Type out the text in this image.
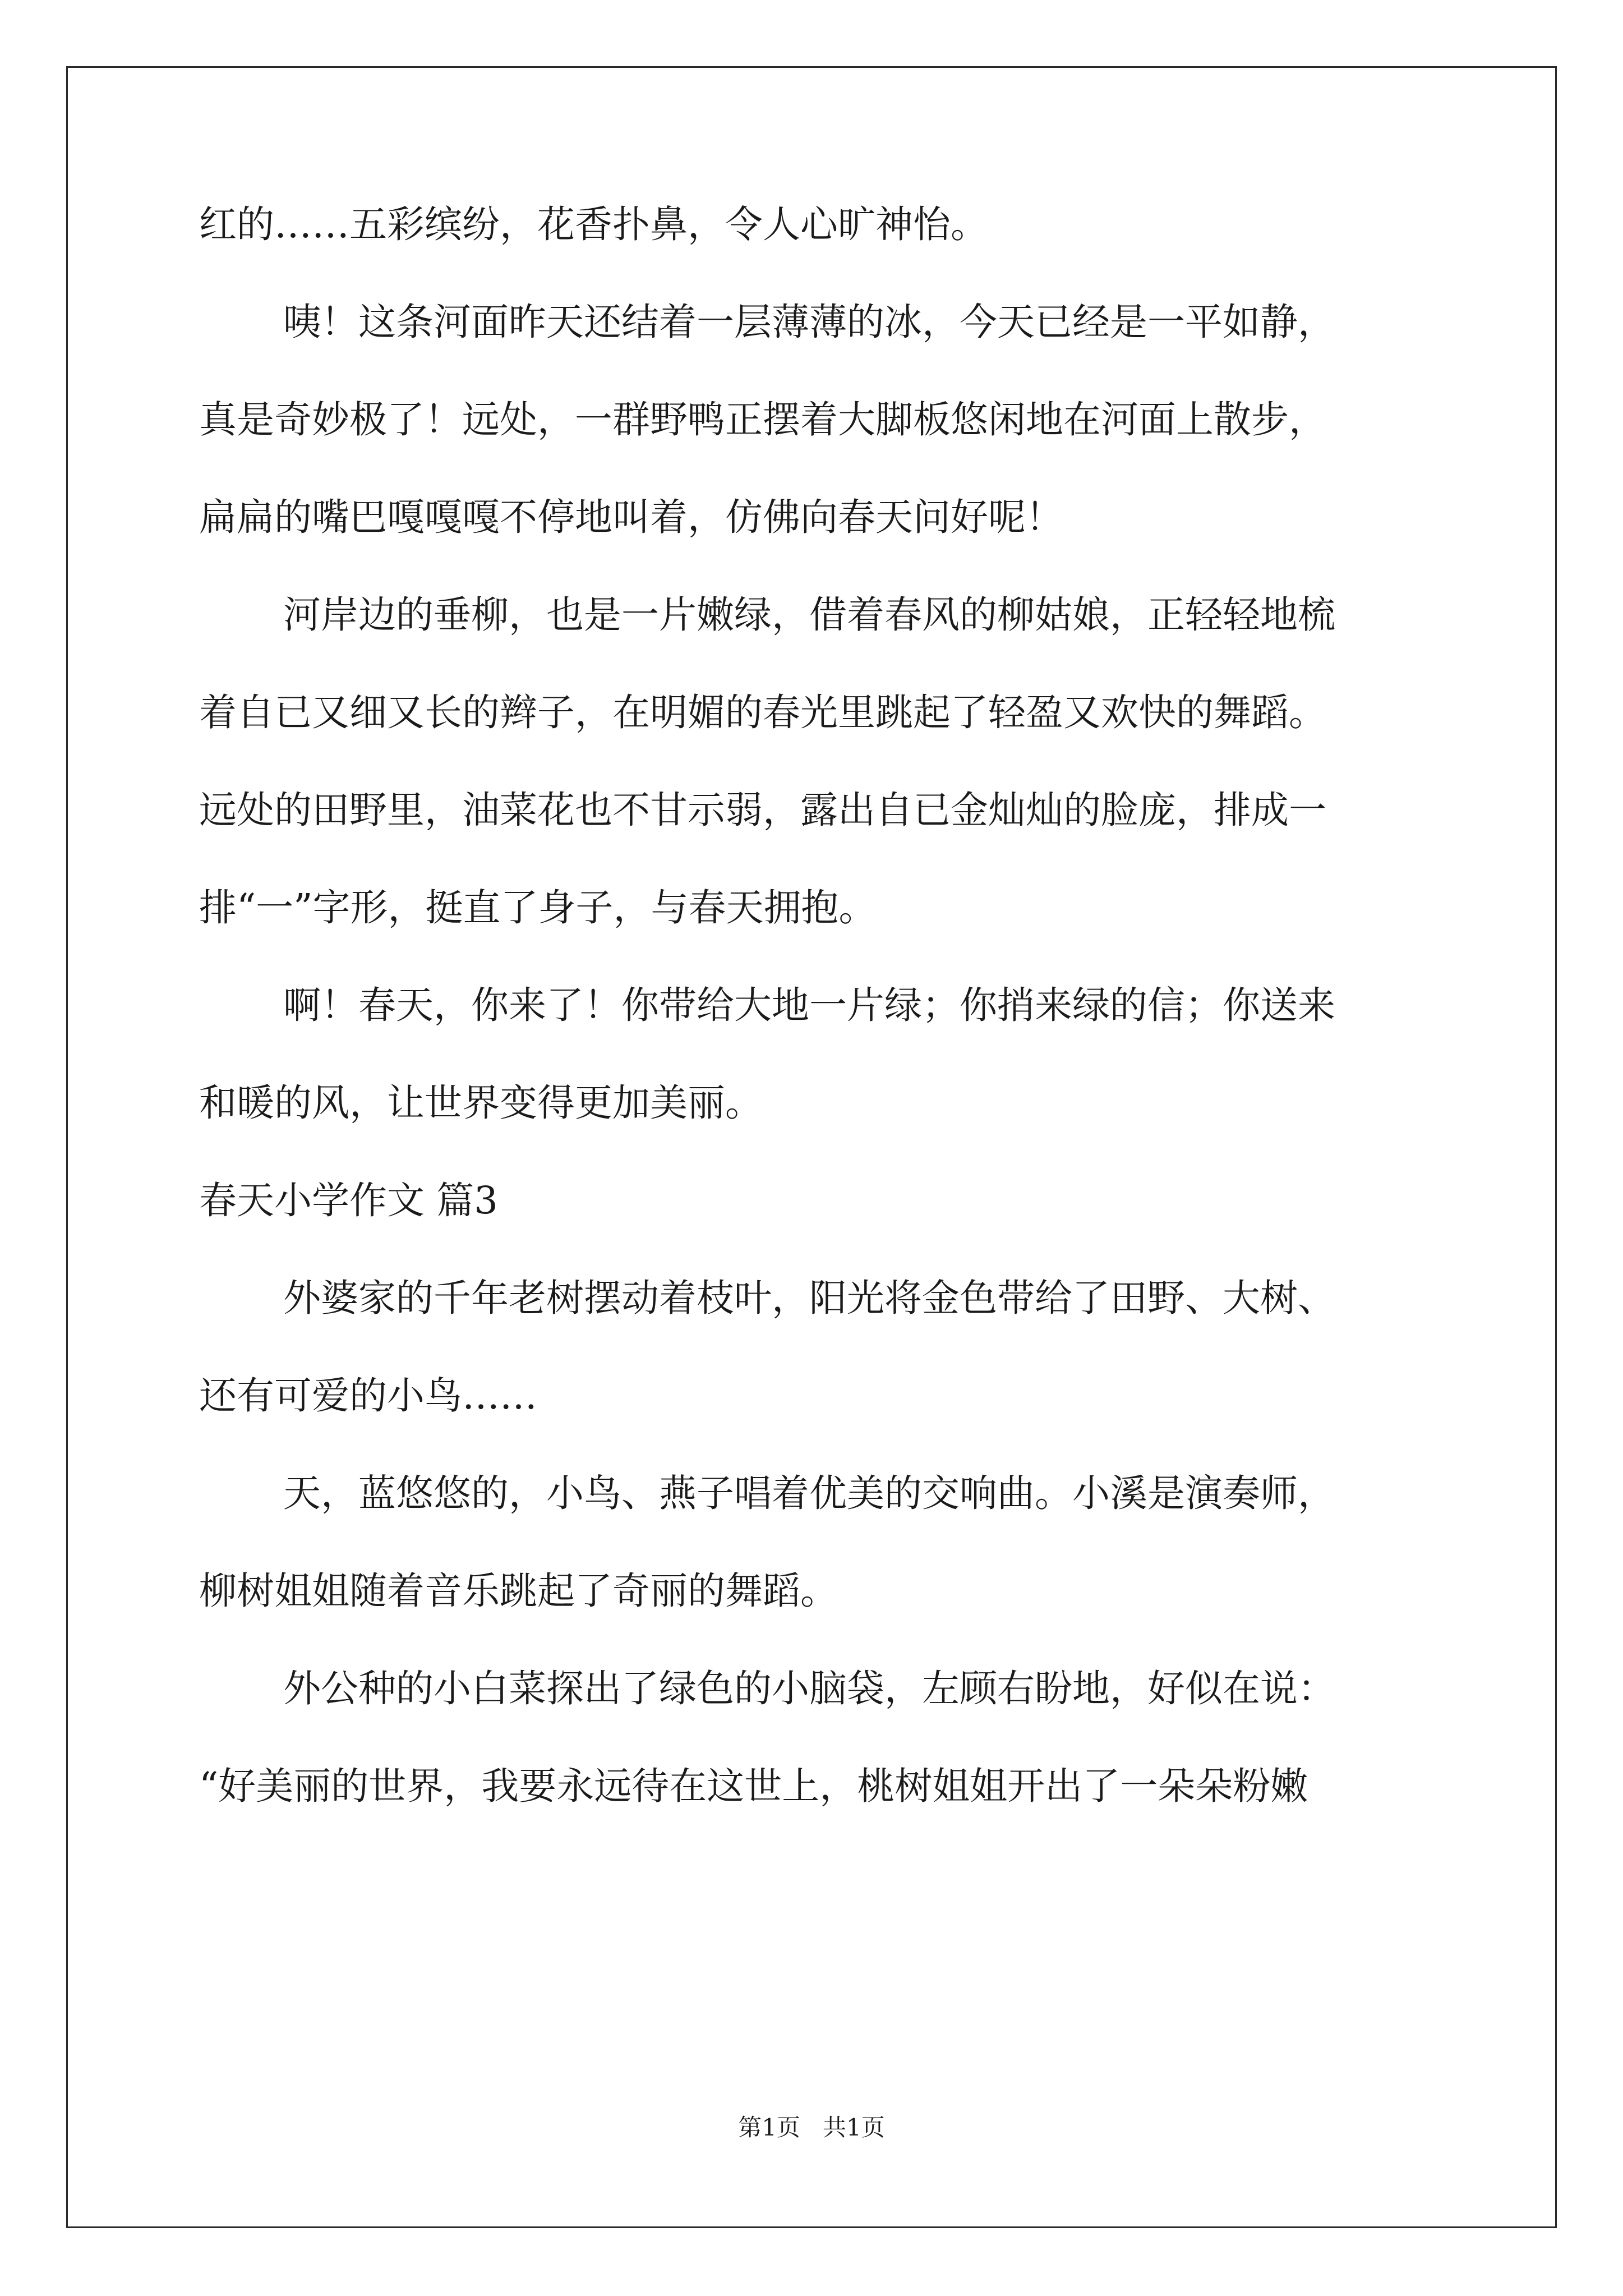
红的……五彩缤纷，花香扑鼻，令人心旷神怡。
咦！这条河面昨天还结着一层薄薄的冰，今天已经是一平如静，
真是奇妙极了！远处，一群野鸭正摆着大脚板悠闲地在河面上散步，
扁扁的嘴巴嘎嘎嘎不停地叫着，仿佛向春天问好呢！
河岸边的垂柳，也是一片嫩绿，借着春风的柳姑娘，正轻轻地梳
着自已又细又长的辫子，在明媚的春光里跳起了轻盈又欢快的舞蹈。
远处的田野里，油菜花也不甘示弱，露出自已金灿灿的脸庞，排成一
排“一”字形，挺直了身子，与春天拥抱。
啊！春天，你来了！你带给大地一片绿；你捎来绿的信；你送来
和暖的风，让世界变得更加美丽。
春天小学作文 篇3
外婆家的千年老树摆动着枝叶，阳光将金色带给了田野、大树、
还有可爱的小鸟……
天，蓝悠悠的，小鸟、燕子唱着优美的交响曲。小溪是演奏师，
柳树姐姐随着音乐跳起了奇丽的舞蹈。
外公种的小白菜探出了绿色的小脑袋，左顾右盼地，好似在说：
“好美丽的世界，我要永远待在这世上，桃树姐姐开出了一朵朵粉嫩
第1页 共1页
